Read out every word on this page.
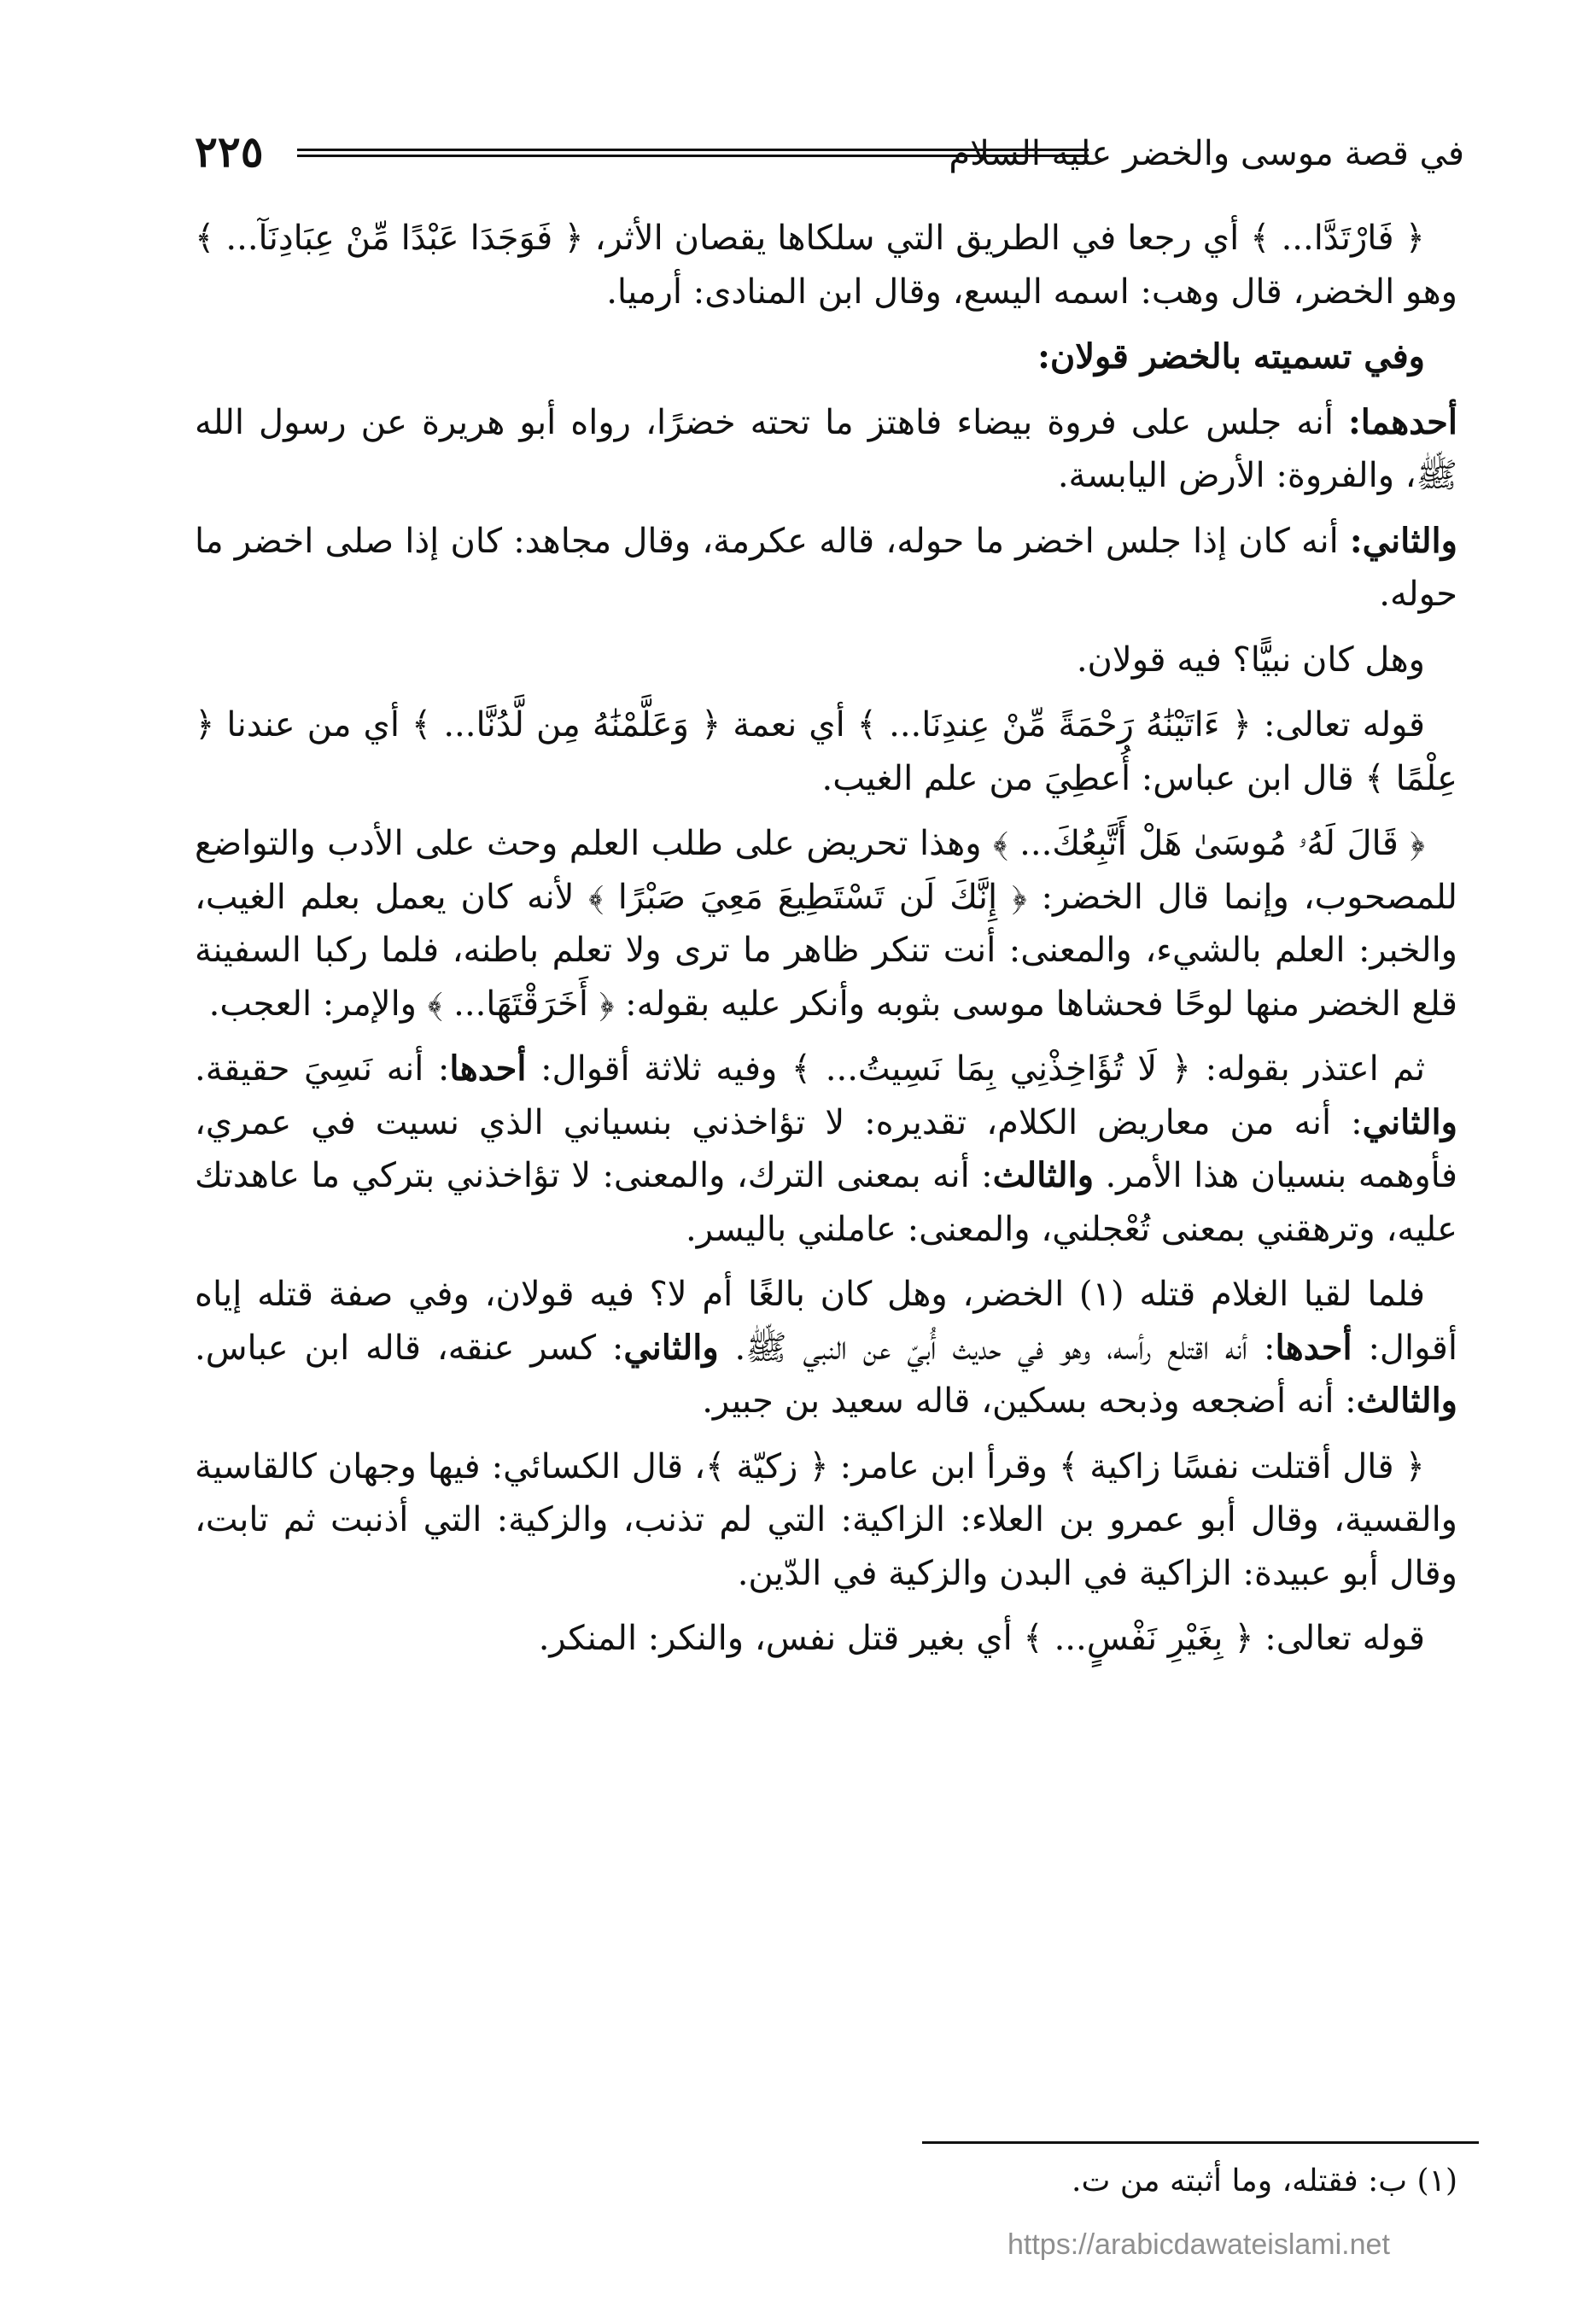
في قصة موسى والخضر عليه السلام
٢٢٥

﴿ فَارْتَدَّا... ﴾ أي رجعا في الطريق التي سلكاها يقصان الأثر، ﴿ فَوَجَدَا عَبْدًا مِّنْ عِبَادِنَآ... ﴾ وهو الخضر، قال وهب: اسمه اليسع، وقال ابن المنادى: أرميا.

وفي تسميته بالخضر قولان:

أحدهما: أنه جلس على فروة بيضاء فاهتز ما تحته خضرًا، رواه أبو هريرة عن رسول الله ﷺ، والفروة: الأرض اليابسة.

والثاني: أنه كان إذا جلس اخضر ما حوله، قاله عكرمة، وقال مجاهد: كان إذا صلى اخضر ما حوله.

وهل كان نبيًّا؟ فيه قولان.

قوله تعالى: ﴿ ءَاتَيْنَٰهُ رَحْمَةً مِّنْ عِندِنَا... ﴾ أي نعمة ﴿ وَعَلَّمْنَٰهُ مِن لَّدُنَّا... ﴾ أي من عندنا ﴿ عِلْمًا ﴾ قال ابن عباس: أُعطِيَ من علم الغيب.

﴿ قَالَ لَهُۥ مُوسَىٰ هَلْ أَتَّبِعُكَ... ﴾ وهذا تحريض على طلب العلم وحث على الأدب والتواضع للمصحوب، وإنما قال الخضر: ﴿ إِنَّكَ لَن تَسْتَطِيعَ مَعِيَ صَبْرًا ﴾ لأنه كان يعمل بعلم الغيب، والخبر: العلم بالشيء، والمعنى: أنت تنكر ظاهر ما ترى ولا تعلم باطنه، فلما ركبا السفينة قلع الخضر منها لوحًا فحشاها موسى بثوبه وأنكر عليه بقوله: ﴿ أَخَرَقْتَهَا... ﴾ والإمر: العجب.

ثم اعتذر بقوله: ﴿ لَا تُؤَاخِذْنِي بِمَا نَسِيتُ... ﴾ وفيه ثلاثة أقوال: أحدها: أنه نَسِيَ حقيقة. والثاني: أنه من معاريض الكلام، تقديره: لا تؤاخذني بنسياني الذي نسيت في عمري، فأوهمه بنسيان هذا الأمر. والثالث: أنه بمعنى الترك، والمعنى: لا تؤاخذني بتركي ما عاهدتك عليه، وترهقني بمعنى تُعْجلني، والمعنى: عاملني باليسر.

فلما لقيا الغلام قتله (١) الخضر، وهل كان بالغًا أم لا؟ فيه قولان، وفي صفة قتله إياه أقوال: أحدها: أنه اقتلع رأسه، وهو في حديث أُبيّ عن النبي ﷺ. والثاني: كسر عنقه، قاله ابن عباس. والثالث: أنه أضجعه وذبحه بسكين، قاله سعيد بن جبير.

﴿ قال أقتلت نفسًا زاكية ﴾ وقرأ ابن عامر: ﴿ زكيّة ﴾، قال الكسائي: فيها وجهان كالقاسية والقسية، وقال أبو عمرو بن العلاء: الزاكية: التي لم تذنب، والزكية: التي أذنبت ثم تابت، وقال أبو عبيدة: الزاكية في البدن والزكية في الدّين.

قوله تعالى: ﴿ بِغَيْرِ نَفْسٍ... ﴾ أي بغير قتل نفس، والنكر: المنكر.

(١) ب: فقتله، وما أثبته من ت.
https://arabicdawateislami.net
